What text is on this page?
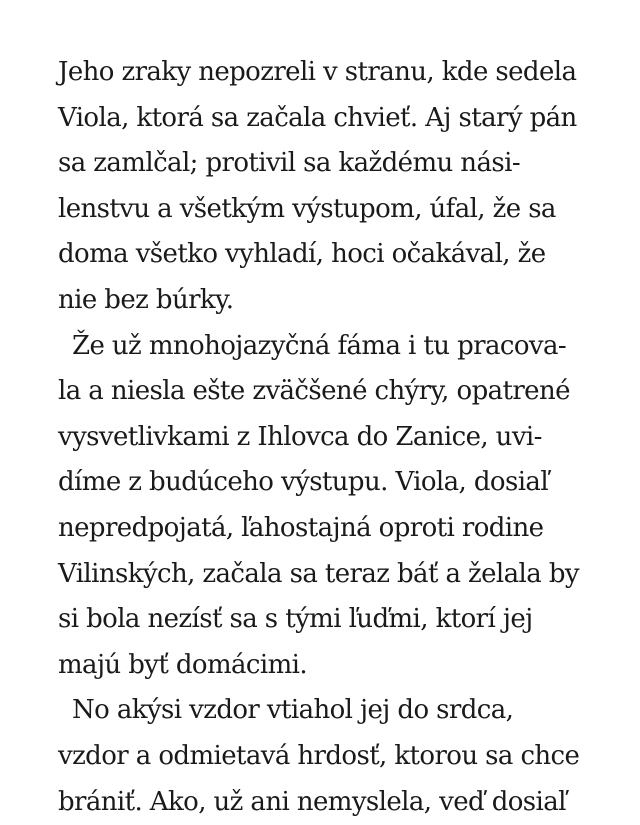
Jeho zraky nepozreli v stranu, kde sedela
Viola, ktorá sa začala chvieť. Aj starý pán
sa zamlčal; protivil sa každému nási-
lenstvu a všetkým výstupom, úfal, že sa
doma všetko vyhladí, hoci očakával, že
nie bez búrky.
Že už mnohojazyčná fáma i tu pracova-
la a niesla ešte zväčšené chýry, opatrené
vysvetlivkami z Ihlovca do Zanice, uvi-
díme z budúceho výstupu. Viola, dosiaľ
nepredpojatá, ľahostajná oproti rodine
Vilinských, začala sa teraz báť a želala by
si bola nezísť sa s tými ľuďmi, ktorí jej
majú byť domácimi.
No akýsi vzdor vtiahol jej do srdca,
vzdor a odmietavá hrdosť, ktorou sa chce
brániť. Ako, už ani nemyslela, veď dosiaľ
